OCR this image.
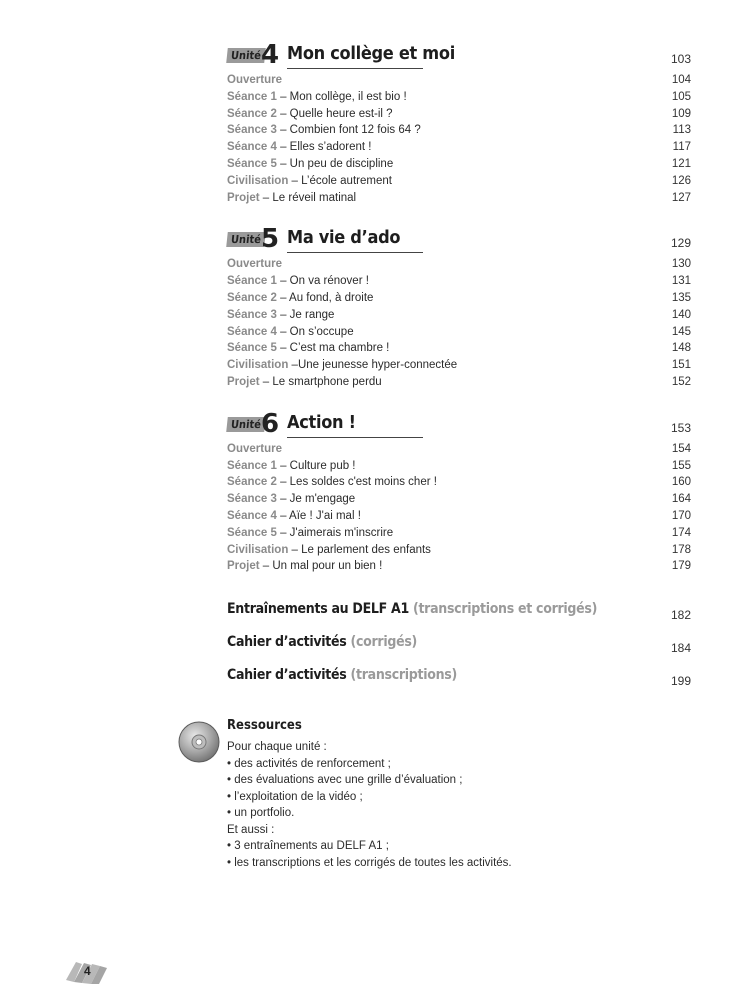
Unité 4 Mon collège et moi	103
Ouverture	104
Séance 1 – Mon collège, il est bio !	105
Séance 2 – Quelle heure est-il ?	109
Séance 3 – Combien font 12 fois 64 ?	113
Séance 4 – Elles s’adorent !	117
Séance 5 – Un peu de discipline	121
Civilisation – L’école autrement	126
Projet – Le réveil matinal	127
Unité 5 Ma vie d’ado	129
Ouverture	130
Séance 1 – On va rénover !	131
Séance 2 – Au fond, à droite	135
Séance 3 – Je range	140
Séance 4 – On s’occupe	145
Séance 5 – C’est ma chambre !	148
Civilisation –Une jeunesse hyper-connectée	151
Projet – Le smartphone perdu	152
Unité 6 Action !	153
Ouverture	154
Séance 1 – Culture pub !	155
Séance 2 – Les soldes c'est moins cher !	160
Séance 3 – Je m'engage	164
Séance 4 – Aïe ! J'ai mal !	170
Séance 5 – J'aimerais m'inscrire	174
Civilisation – Le parlement des enfants	178
Projet – Un mal pour un bien !	179
Entraînements au DELF A1 (transcriptions et corrigés)	182
Cahier d’activités (corrigés)	184
Cahier d’activités (transcriptions)	199
Ressources
Pour chaque unité :
• des activités de renforcement ;
• des évaluations avec une grille d’évaluation ;
• l’exploitation de la vidéo ;
• un portfolio.
Et aussi :
• 3 entraînements au DELF A1 ;
• les transcriptions et les corrigés de toutes les activités.
4
